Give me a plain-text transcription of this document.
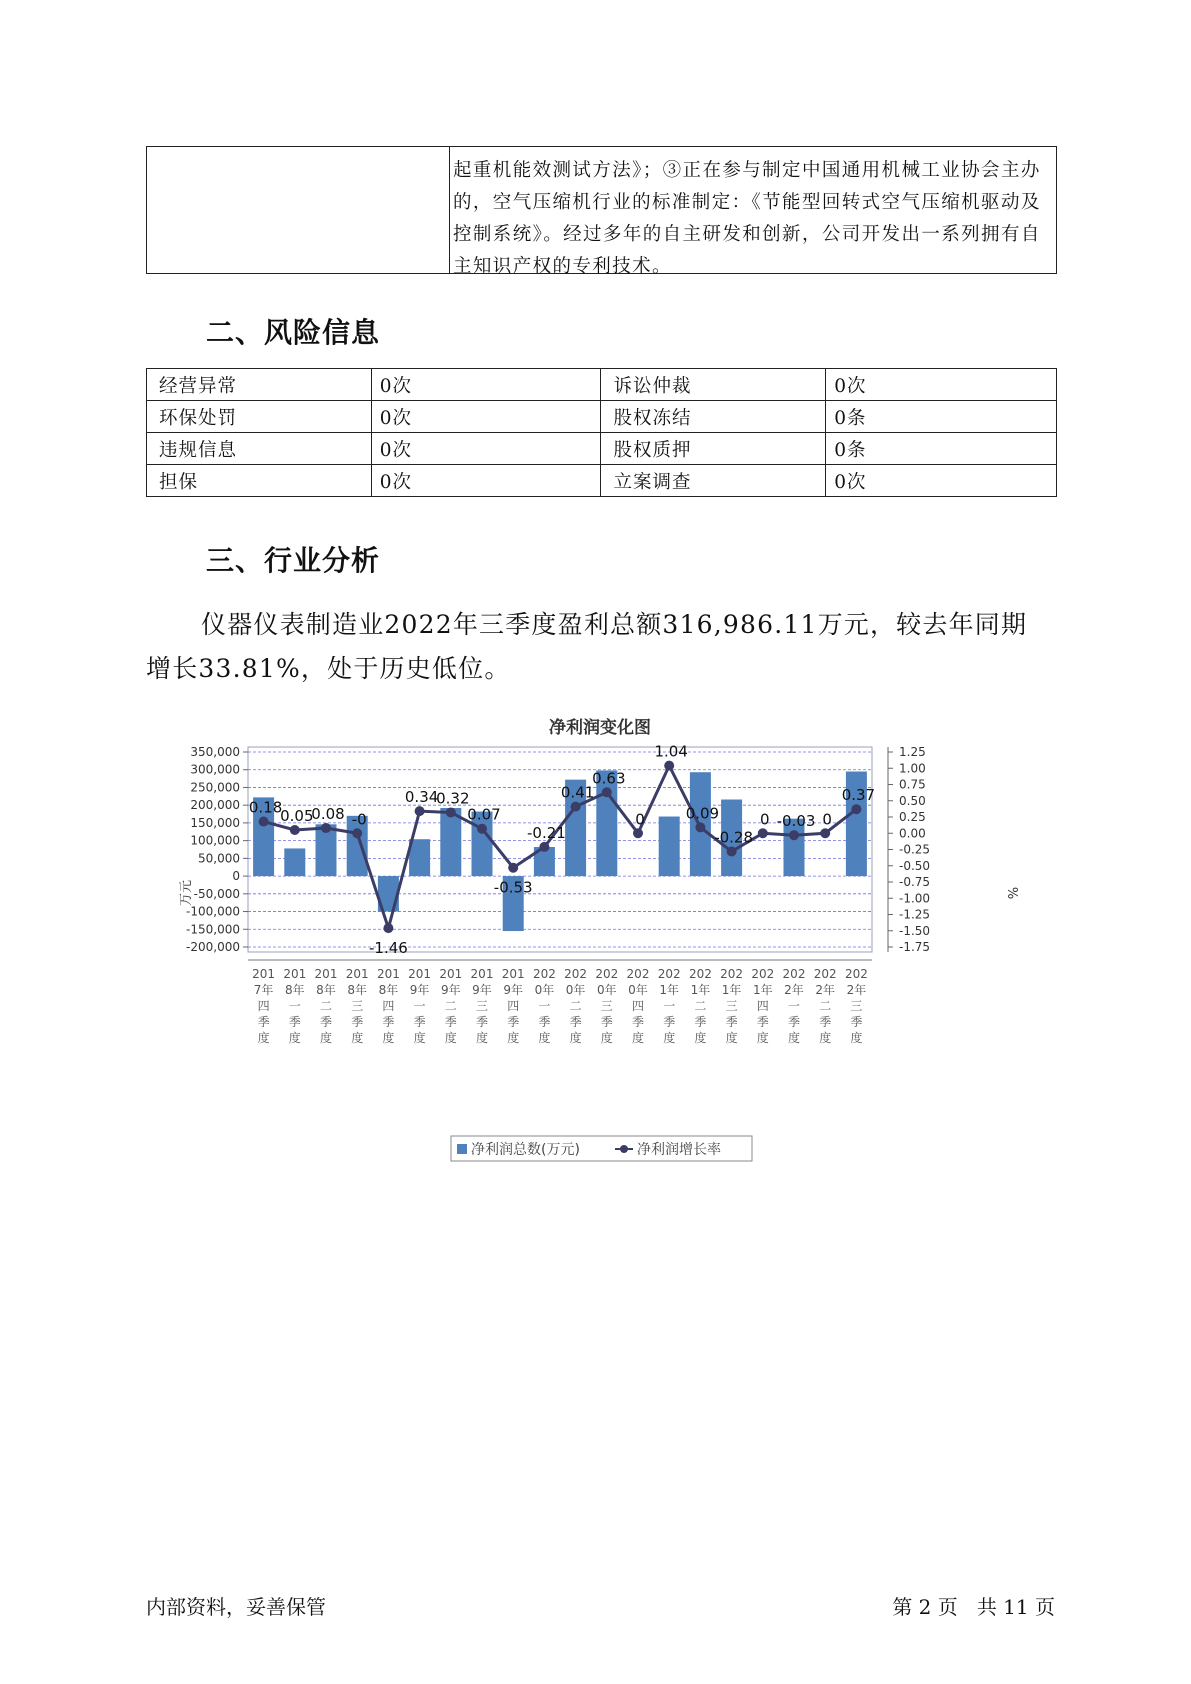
起重机能效测试方法》；③正在参与制定中国通用机械工业协会主办
的，空气压缩机行业的标准制定：《节能型回转式空气压缩机驱动及
控制系统》。经过多年的自主研发和创新，公司开发出一系列拥有自
主知识产权的专利技术。
二、风险信息
经营异常	0次	诉讼仲裁	0次
环保处罚	0次	股权冻结	0条
违规信息	0次	股权质押	0条
担保	0次	立案调查	0次
三、行业分析
仪器仪表制造业2022年三季度盈利总额316,986.11万元，较去年同期
增长33.81%，处于历史低位。
净利润变化图
350,000
300,000
250,000
200,000
150,000
100,000
50,000
0
-50,000
-100,000
-150,000
-200,000
1.25
1.00
0.75
0.50
0.25
0.00
-0.25
-0.50
-0.75
-1.00
-1.25
-1.50
-1.75
0.18
0.05
0.08 -0
-1.46
0.34
0.32
0.07
-0.53
-0.21
0.41
0.63
0
1.04
0.09
-0.28
0 -0.03 0
0.37
201 7年四季度
201 8年一季度
201 8年二季度
201 8年三季度
201 8年四季度
201 9年一季度
201 9年二季度
201 9年三季度
201 9年四季度
202 0年一季度
202 0年二季度
202 0年三季度
202 0年四季度
202 1年一季度
202 1年二季度
202 1年三季度
202 1年四季度
202 2年一季度
202 2年二季度
202 2年三季度
万元	%
净利润总数(万元)	净利润增长率
内部资料，妥善保管	第 2 页   共 11 页
